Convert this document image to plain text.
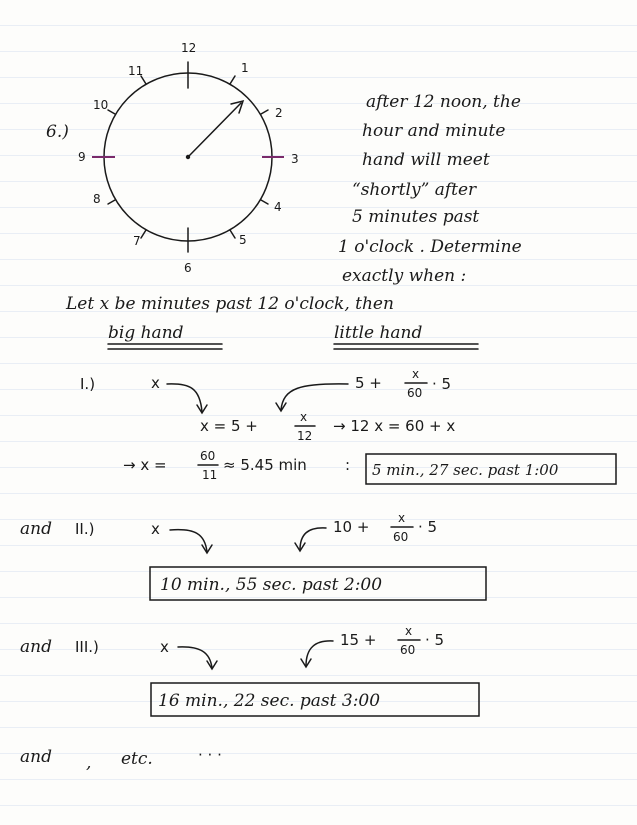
6.)
12
1
2
3
4
5
6
7
8
9
10
11
after 12 noon, the
hour and minute
hand will meet
“shortly” after
5 minutes past
1 o'clock . Determine
exactly when :
Let x be minutes past 12 o'clock, then
big hand	little hand
I.)	x	5 +	x
60 · 5
x = 5 +	x
12
→ 12 x = 60 + x
→ x =	60
11
≈ 5.45 min	: 5 min., 27 sec. past 1:00
and II.)	x	10 + x
60
· 5
10 min., 55 sec. past 2:00
and III.)	x	15 + x
60
· 5
16 min., 22 sec. past 3:00
and , etc.	· · ·
